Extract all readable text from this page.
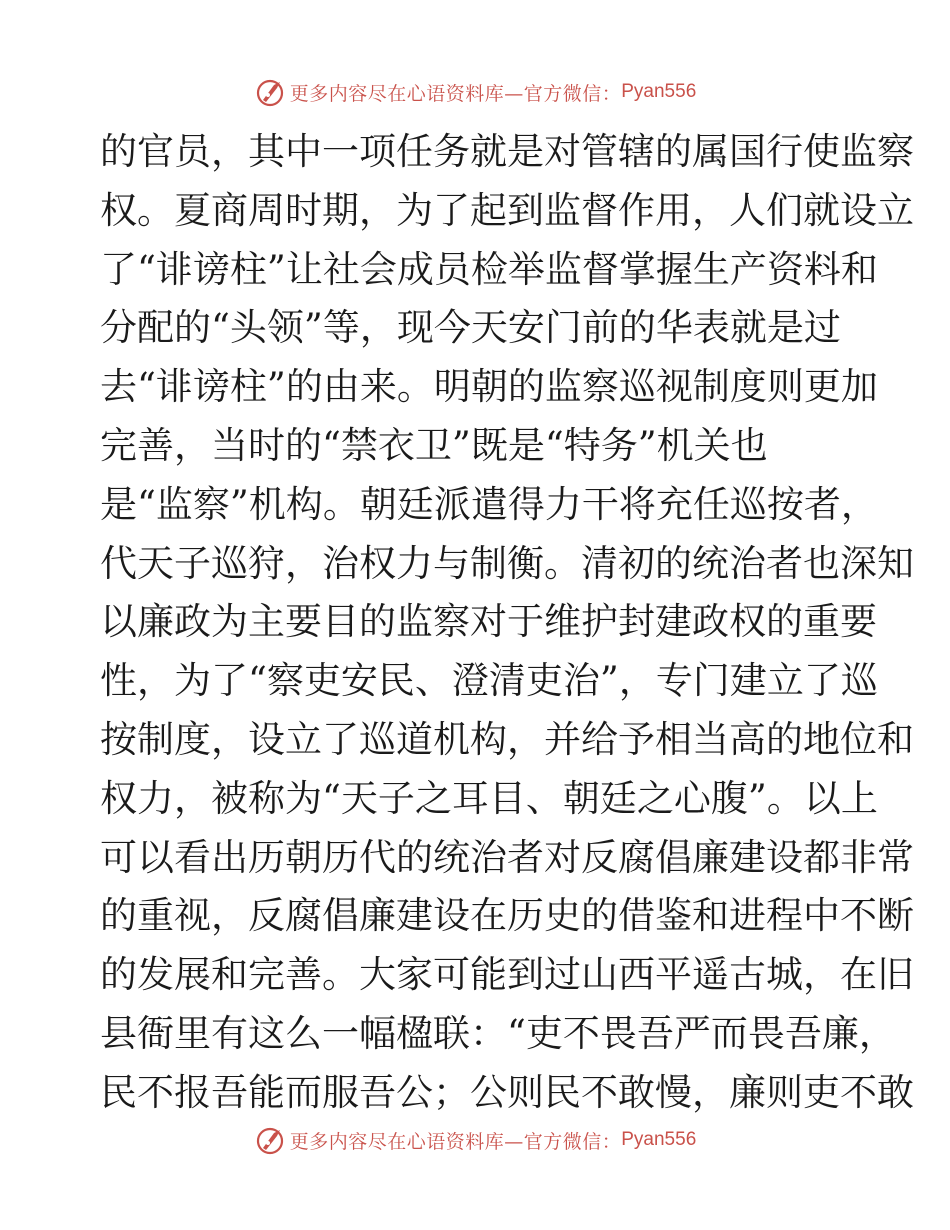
更多内容尽在心语资料库—官方微信： Pyan556
的官员，其中一项任务就是对管辖的属国行使监察
权。夏商周时期，为了起到监督作用，人们就设立
了“诽谤柱”让社会成员检举监督掌握生产资料和
分配的“头领”等，现今天安门前的华表就是过
去“诽谤柱”的由来。明朝的监察巡视制度则更加
完善，当时的“禁衣卫”既是“特务”机关也
是“监察”机构。朝廷派遣得力干将充任巡按者，
代天子巡狩，治权力与制衡。清初的统治者也深知
以廉政为主要目的监察对于维护封建政权的重要
性，为了“察吏安民、澄清吏治”，专门建立了巡
按制度，设立了巡道机构，并给予相当高的地位和
权力，被称为“天子之耳目、朝廷之心腹”。以上
可以看出历朝历代的统治者对反腐倡廉建设都非常
的重视，反腐倡廉建设在历史的借鉴和进程中不断
的发展和完善。大家可能到过山西平遥古城，在旧
县衙里有这么一幅楹联：“吏不畏吾严而畏吾廉，
民不报吾能而服吾公；公则民不敢慢，廉则吏不敢
更多内容尽在心语资料库—官方微信： Pyan556
